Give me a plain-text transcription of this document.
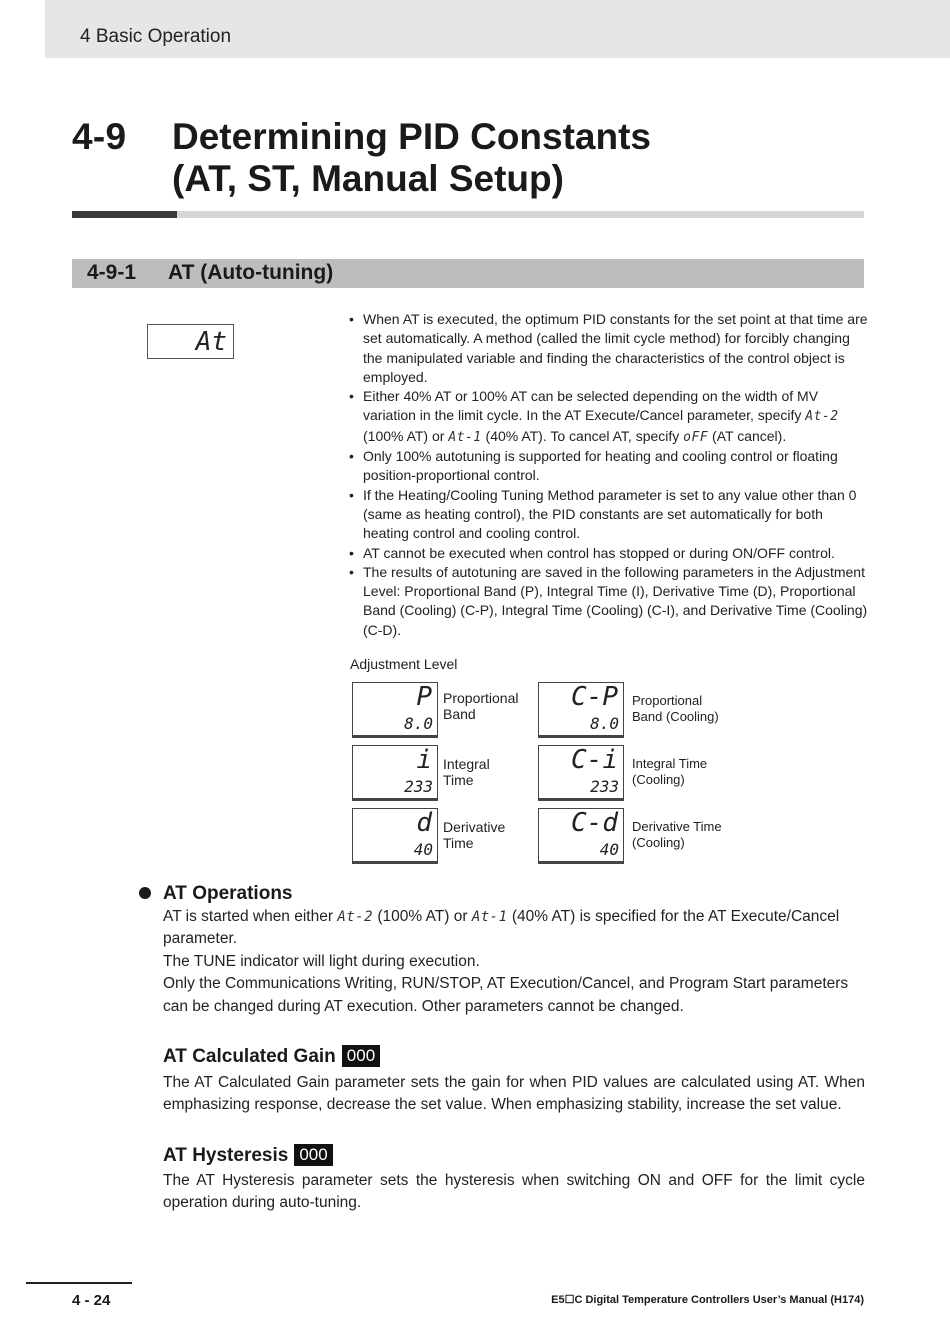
4 Basic Operation
4-9 Determining PID Constants
(AT, ST, Manual Setup)
4-9-1 AT (Auto-tuning)
At
• When AT is executed, the optimum PID constants for the set point at that time are set automatically. A method (called the limit cycle method) for forcibly changing the manipulated variable and finding the characteristics of the control object is employed.
• Either 40% AT or 100% AT can be selected depending on the width of MV variation in the limit cycle. In the AT Execute/Cancel parameter, specify At-2 (100% AT) or At-1 (40% AT). To cancel AT, specify oFF (AT cancel).
• Only 100% autotuning is supported for heating and cooling control or floating position-proportional control.
• If the Heating/Cooling Tuning Method parameter is set to any value other than 0 (same as heating control), the PID constants are set automatically for both heating control and cooling control.
• AT cannot be executed when control has stopped or during ON/OFF control.
• The results of autotuning are saved in the following parameters in the Adjustment Level: Proportional Band (P), Integral Time (I), Derivative Time (D), Proportional Band (Cooling) (C-P), Integral Time (Cooling) (C-I), and Derivative Time (Cooling) (C-D).
Adjustment Level
P
8.0
Proportional
Band
C-P
8.0
Proportional
Band (Cooling)
i
233
Integral
Time
C-i
233
Integral Time
(Cooling)
d
40
Derivative
Time
C-d
40
Derivative Time
(Cooling)
AT Operations

AT is started when either At-2 (100% AT) or At-1 (40% AT) is specified for the AT Execute/Cancel parameter.

The TUNE indicator will light during execution.

Only the Communications Writing, RUN/STOP, AT Execution/Cancel, and Program Start parameters can be changed during AT execution. Other parameters cannot be changed.

AT Calculated Gain 000
The AT Calculated Gain parameter sets the gain for when PID values are calculated using AT. When emphasizing response, decrease the set value. When emphasizing stability, increase the set value.
AT Hysteresis 000
The AT Hysteresis parameter sets the hysteresis when switching ON and OFF for the limit cycle operation during auto-tuning.
4 - 24	E5☐C Digital Temperature Controllers User’s Manual (H174)
